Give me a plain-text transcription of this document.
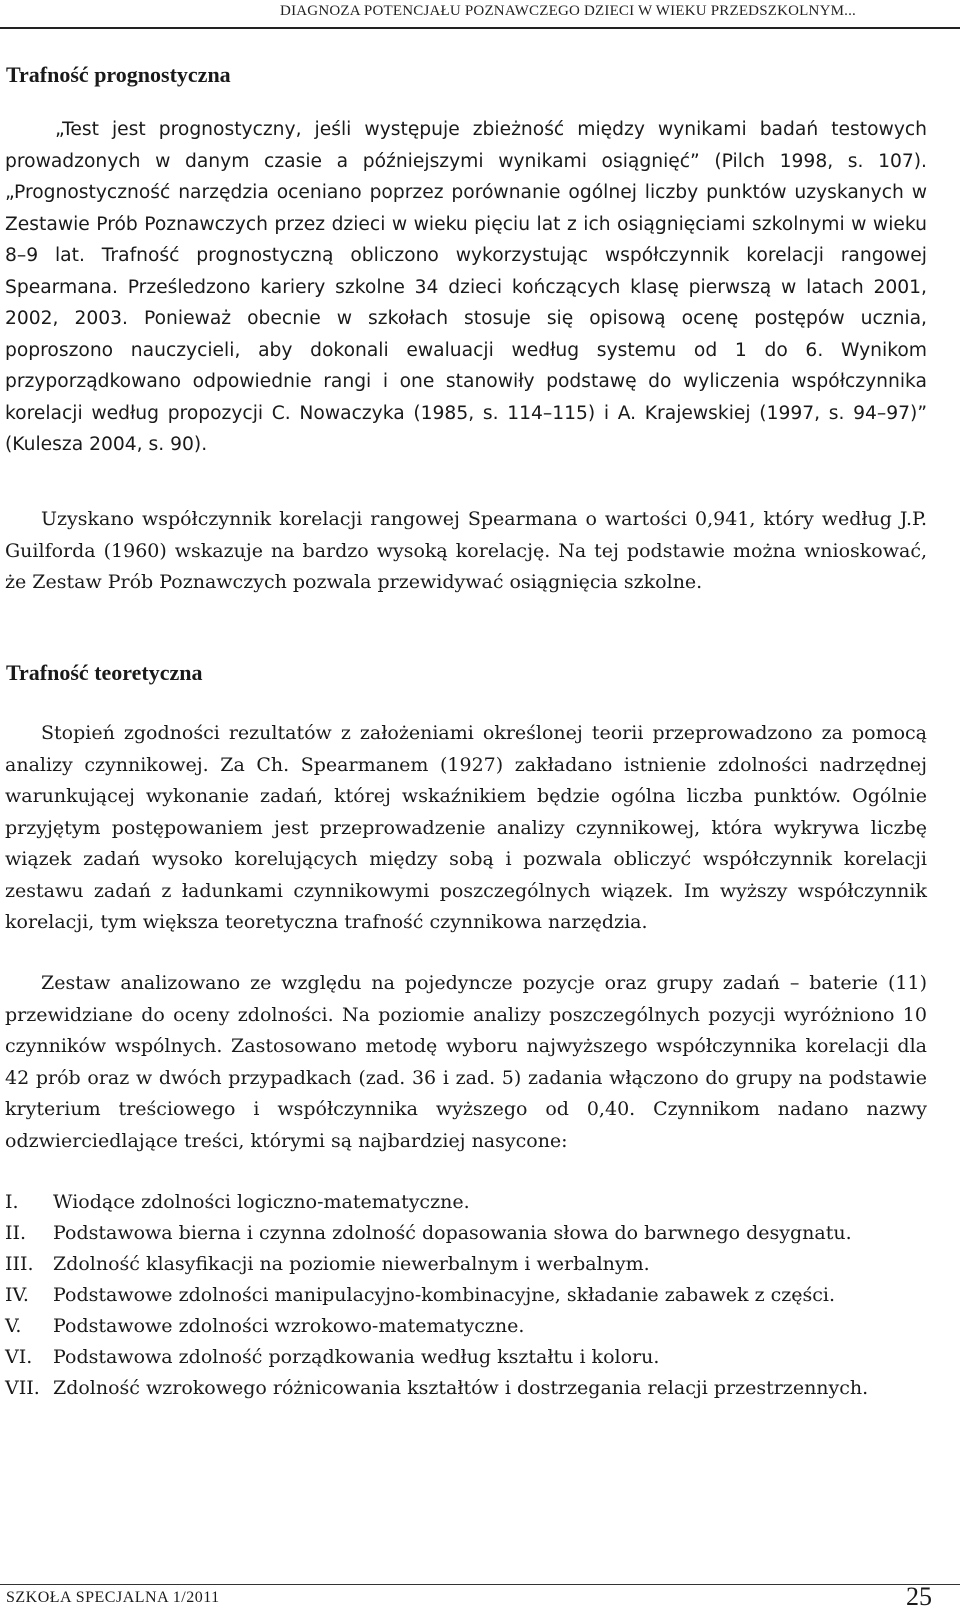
DIAGNOZA POTENCJAŁU POZNAWCZEGO DZIECI W WIEKU PRZEDSZKOLNYM...
Trafność prognostyczna

„Test jest prognostyczny, jeśli występuje zbieżność między wynikami badań testowych prowadzonych w danym czasie a późniejszymi wynikami osiągnięć” (Pilch 1998, s. 107). „Prognostyczność narzędzia oceniano poprzez porównanie ogólnej liczby punktów uzyskanych w Zestawie Prób Poznawczych przez dzieci w wieku pięciu lat z ich osiągnięciami szkolnymi w wieku 8–9 lat. Trafność prognostyczną obliczono wykorzystując współczynnik korelacji rangowej Spearmana. Prześledzono kariery szkolne 34 dzieci kończących klasę pierwszą w latach 2001, 2002, 2003. Ponieważ obecnie w szkołach stosuje się opisową ocenę postępów ucznia, poproszono nauczycieli, aby dokonali ewaluacji według systemu od 1 do 6. Wynikom przyporządkowano odpowiednie rangi i one stanowiły podstawę do wyliczenia współczynnika korelacji według propozycji C. Nowaczyka (1985, s. 114–115) i A. Krajewskiej (1997, s. 94–97)” (Kulesza 2004, s. 90).

Uzyskano współczynnik korelacji rangowej Spearmana o wartości 0,941, który według J.P. Guilforda (1960) wskazuje na bardzo wysoką korelację. Na tej podstawie można wnioskować, że Zestaw Prób Poznawczych pozwala przewidywać osiągnięcia szkolne.

Trafność teoretyczna

Stopień zgodności rezultatów z założeniami określonej teorii przeprowadzono za pomocą analizy czynnikowej. Za Ch. Spearmanem (1927) zakładano istnienie zdolności nadrzędnej warunkującej wykonanie zadań, której wskaźnikiem będzie ogólna liczba punktów. Ogólnie przyjętym postępowaniem jest przeprowadzenie analizy czynnikowej, która wykrywa liczbę wiązek zadań wysoko korelujących między sobą i pozwala obliczyć współczynnik korelacji zestawu zadań z ładunkami czynnikowymi poszczególnych wiązek. Im wyższy współczynnik korelacji, tym większa teoretyczna trafność czynnikowa narzędzia.

Zestaw analizowano ze względu na pojedyncze pozycje oraz grupy zadań – baterie (11) przewidziane do oceny zdolności. Na poziomie analizy poszczególnych pozycji wyróżniono 10 czynników wspólnych. Zastosowano metodę wyboru najwyższego współczynnika korelacji dla 42 prób oraz w dwóch przypadkach (zad. 36 i zad. 5) zadania włączono do grupy na podstawie kryterium treściowego i współczynnika wyższego od 0,40. Czynnikom nadano nazwy odzwierciedlające treści, którymi są najbardziej nasycone:

I. Wiodące zdolności logiczno-matematyczne.
II. Podstawowa bierna i czynna zdolność dopasowania słowa do barwnego desygnatu.
III. Zdolność klasyfikacji na poziomie niewerbalnym i werbalnym.
IV. Podstawowe zdolności manipulacyjno-kombinacyjne, składanie zabawek z części.
V. Podstawowe zdolności wzrokowo-matematyczne.
VI. Podstawowa zdolność porządkowania według kształtu i koloru.
VII. Zdolność wzrokowego różnicowania kształtów i dostrzegania relacji przestrzennych.
SZKOŁA SPECJALNA 1/2011	25
